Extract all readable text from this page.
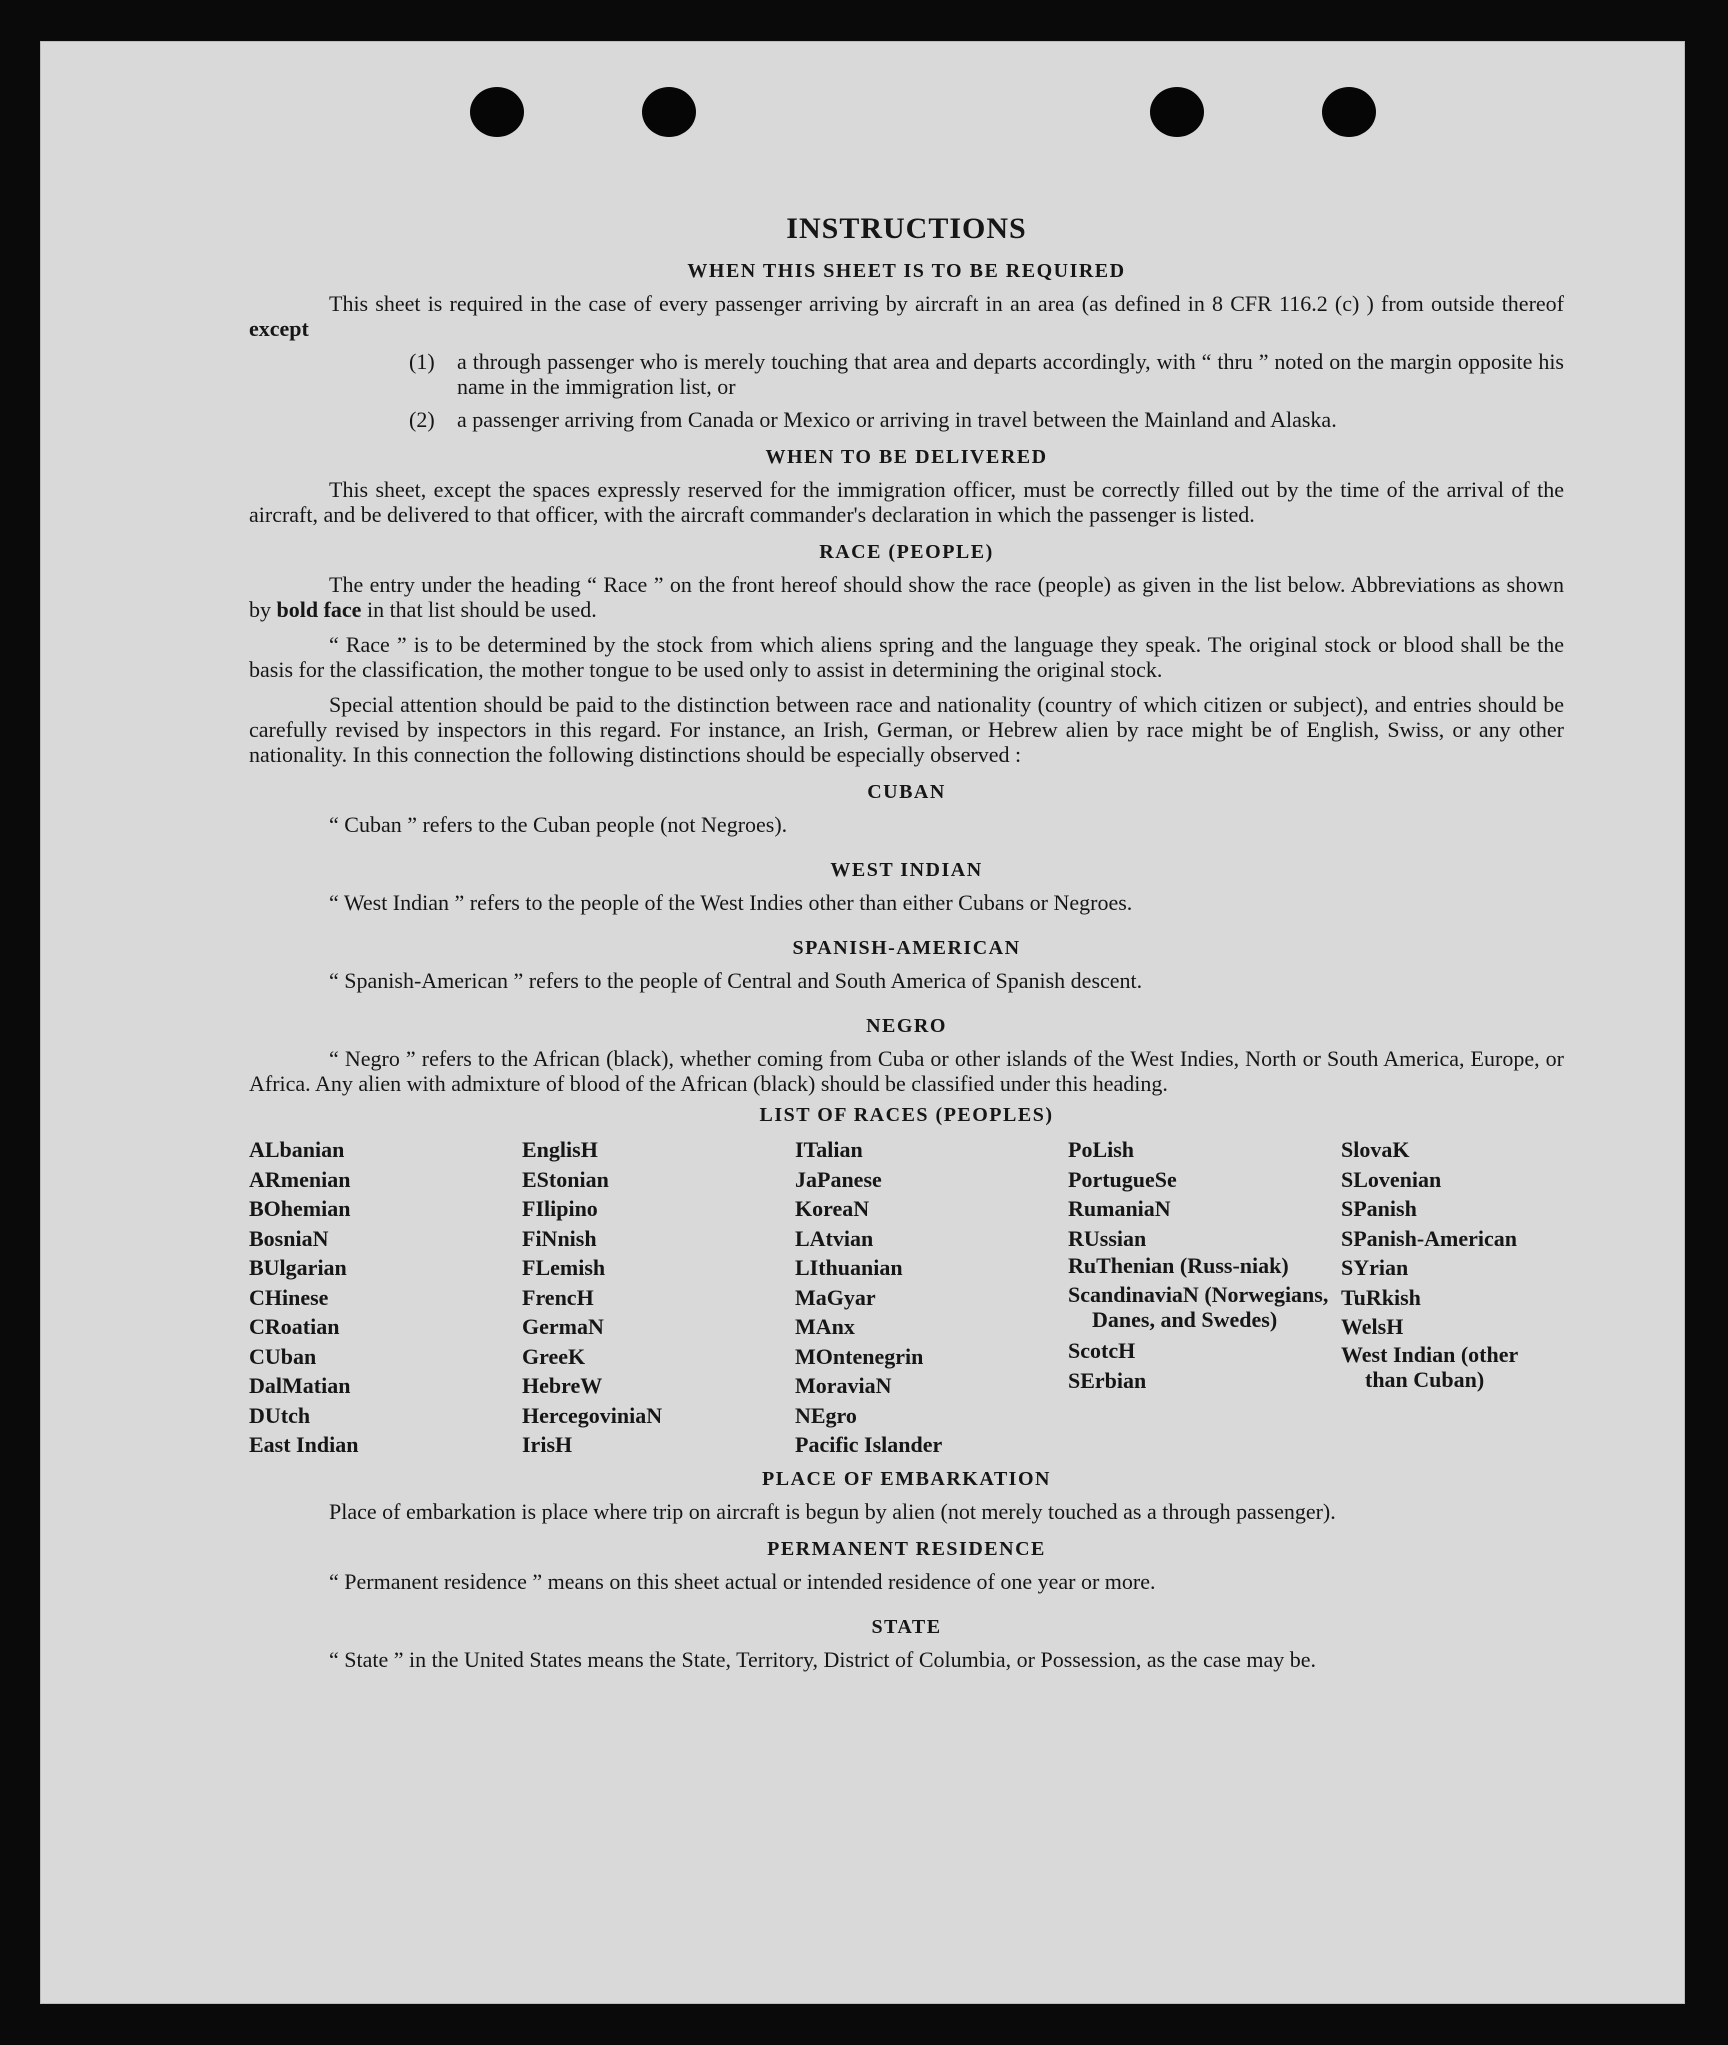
INSTRUCTIONS
WHEN THIS SHEET IS TO BE REQUIRED

This sheet is required in the case of every passenger arriving by aircraft in an area (as defined in 8 CFR 116.2 (c) ) from outside thereof except

(1)	a through passenger who is merely touching that area and departs accordingly, with “ thru ” noted on the margin opposite his name in the immigration list, or
(2)	a passenger arriving from Canada or Mexico or arriving in travel between the Mainland and Alaska.
WHEN TO BE DELIVERED

This sheet, except the spaces expressly reserved for the immigration officer, must be correctly filled out by the time of the arrival of the aircraft, and be delivered to that officer, with the aircraft commander's declaration in which the passenger is listed.

RACE (PEOPLE)

The entry under the heading “ Race ” on the front hereof should show the race (people) as given in the list below. Abbreviations as shown by bold face in that list should be used.

“ Race ” is to be determined by the stock from which aliens spring and the language they speak. The original stock or blood shall be the basis for the classification, the mother tongue to be used only to assist in determining the original stock.

Special attention should be paid to the distinction between race and nationality (country of which citizen or subject), and entries should be carefully revised by inspectors in this regard. For instance, an Irish, German, or Hebrew alien by race might be of English, Swiss, or any other nationality. In this connection the following distinctions should be especially observed :

CUBAN

“ Cuban ” refers to the Cuban people (not Negroes).

WEST INDIAN

“ West Indian ” refers to the people of the West Indies other than either Cubans or Negroes.

SPANISH-AMERICAN

“ Spanish-American ” refers to the people of Central and South America of Spanish descent.

NEGRO

“ Negro ” refers to the African (black), whether coming from Cuba or other islands of the West Indies, North or South America, Europe, or Africa. Any alien with admixture of blood of the African (black) should be classified under this heading.

LIST OF RACES (PEOPLES)
ALbanian
ARmenian
BOhemian
BosniaN
BUlgarian
CHinese
CRoatian
CUban
DalMatian
DUtch
East Indian
EnglisH
EStonian
FIlipino
FiNnish
FLemish
FrencH
GermaN
GreeK
HebreW
HercegoviniaN
IrisH
ITalian
JaPanese
KoreaN
LAtvian
LIthuanian
MaGyar
MAnx
MOntenegrin
MoraviaN
NEgro
Pacific Islander
PoLish
PortugueSe
RumaniaN
RUssian
RuThenian (Russ-niak)
ScandinaviaN (Norwegians, Danes, and Swedes)
ScotcH
SErbian
SlovaK
SLovenian
SPanish
SPanish-American
SYrian
TuRkish
WelsH
West Indian (other than Cuban)
PLACE OF EMBARKATION

Place of embarkation is place where trip on aircraft is begun by alien (not merely touched as a through passenger).

PERMANENT RESIDENCE

“ Permanent residence ” means on this sheet actual or intended residence of one year or more.

STATE

“ State ” in the United States means the State, Territory, District of Columbia, or Possession, as the case may be.
